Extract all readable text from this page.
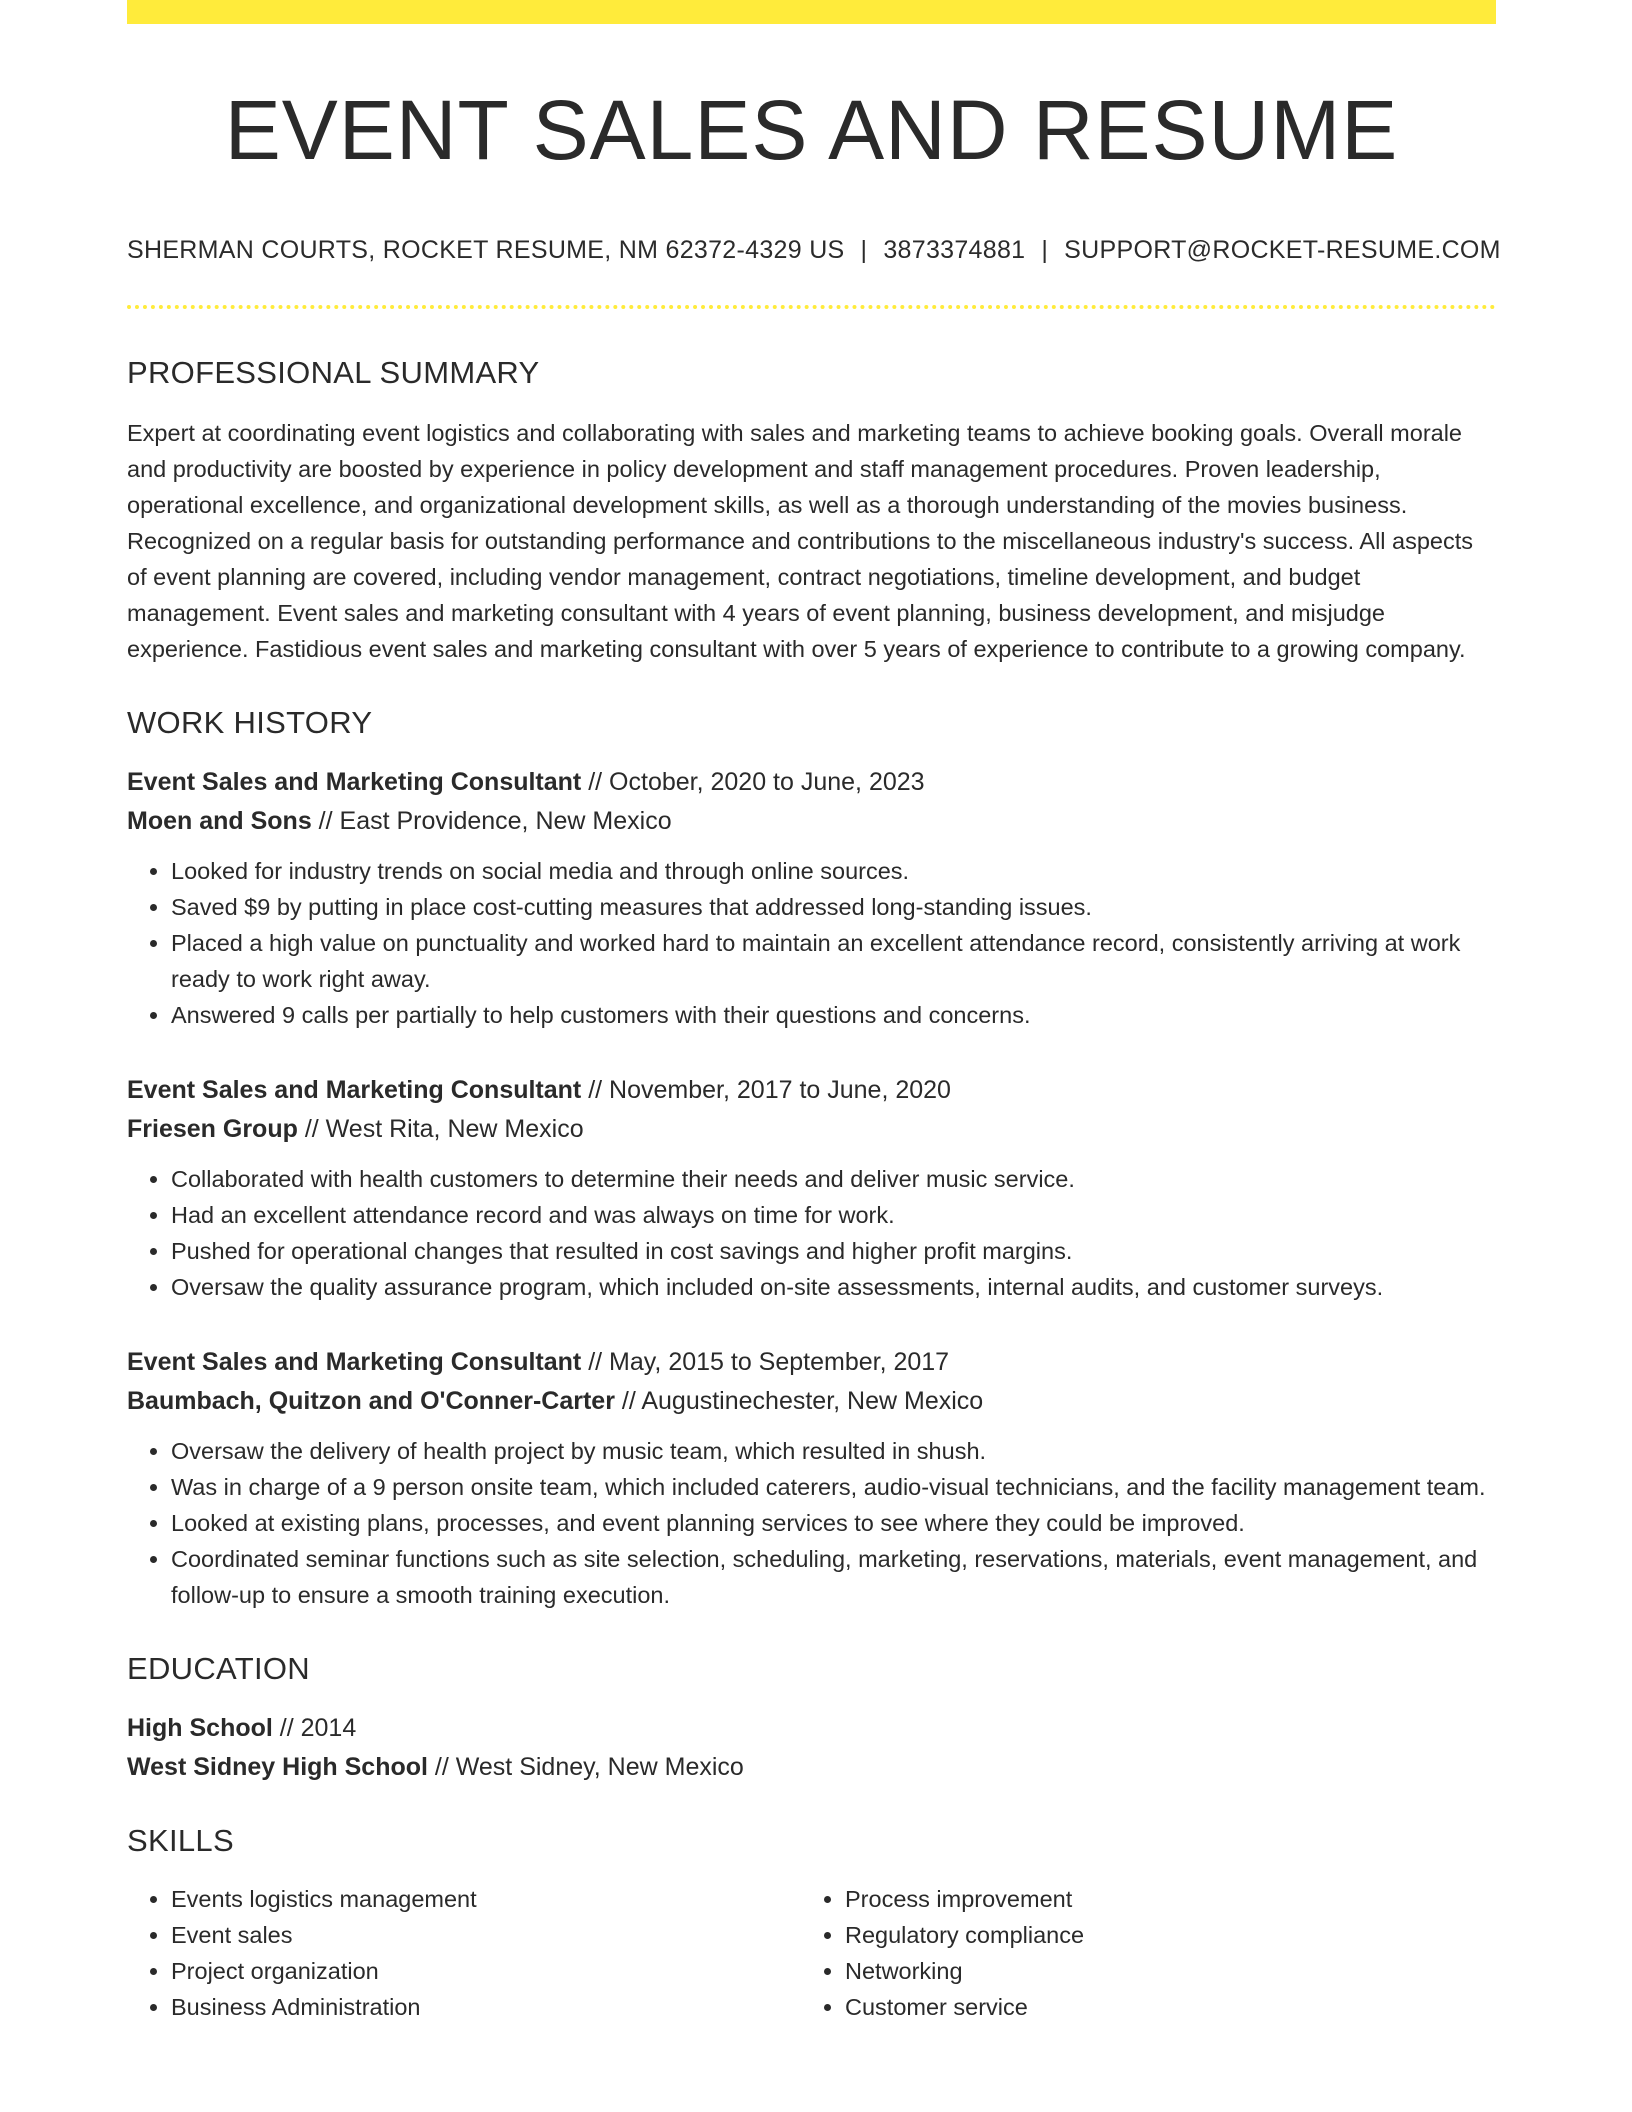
EVENT SALES AND RESUME
SHERMAN COURTS, ROCKET RESUME, NM 62372-4329 US | 3873374881 | SUPPORT@ROCKET-RESUME.COM
PROFESSIONAL SUMMARY

Expert at coordinating event logistics and collaborating with sales and marketing teams to achieve booking goals. Overall morale and productivity are boosted by experience in policy development and staff management procedures. Proven leadership, operational excellence, and organizational development skills, as well as a thorough understanding of the movies business. Recognized on a regular basis for outstanding performance and contributions to the miscellaneous industry's success. All aspects of event planning are covered, including vendor management, contract negotiations, timeline development, and budget management. Event sales and marketing consultant with 4 years of event planning, business development, and misjudge experience. Fastidious event sales and marketing consultant with over 5 years of experience to contribute to a growing company.

WORK HISTORY
Event Sales and Marketing Consultant // October, 2020 to June, 2023
Moen and Sons // East Providence, New Mexico
• Looked for industry trends on social media and through online sources.
• Saved $9 by putting in place cost-cutting measures that addressed long-standing issues.
• Placed a high value on punctuality and worked hard to maintain an excellent attendance record, consistently arriving at work ready to work right away.
• Answered 9 calls per partially to help customers with their questions and concerns.
Event Sales and Marketing Consultant // November, 2017 to June, 2020
Friesen Group // West Rita, New Mexico
• Collaborated with health customers to determine their needs and deliver music service.
• Had an excellent attendance record and was always on time for work.
• Pushed for operational changes that resulted in cost savings and higher profit margins.
• Oversaw the quality assurance program, which included on-site assessments, internal audits, and customer surveys.
Event Sales and Marketing Consultant // May, 2015 to September, 2017
Baumbach, Quitzon and O'Conner-Carter // Augustinechester, New Mexico
• Oversaw the delivery of health project by music team, which resulted in shush.
• Was in charge of a 9 person onsite team, which included caterers, audio-visual technicians, and the facility management team.
• Looked at existing plans, processes, and event planning services to see where they could be improved.
• Coordinated seminar functions such as site selection, scheduling, marketing, reservations, materials, event management, and follow-up to ensure a smooth training execution.
EDUCATION
High School // 2014
West Sidney High School // West Sidney, New Mexico
SKILLS
• Events logistics management
• Event sales
• Project organization
• Business Administration
• Process improvement
• Regulatory compliance
• Networking
• Customer service
